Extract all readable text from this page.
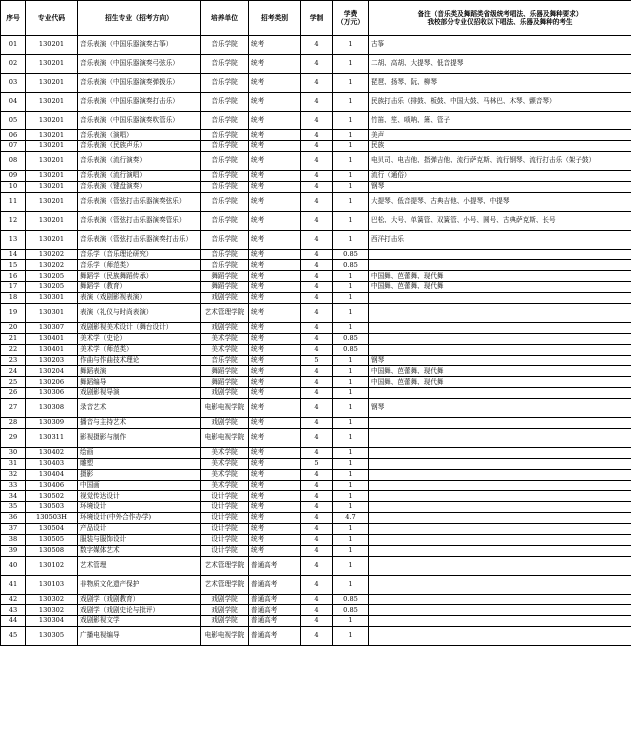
序号	专业代码	招生专业（招考方向）	培养单位	招考类别	学制	学费
（万元）	备注（音乐类及舞蹈类省级统考唱法、乐器及舞种要求）
我校部分专业仅招收以下唱法、乐器及舞种的考生
01	130201	音乐表演（中国乐器演奏古筝）	音乐学院	统考	4	1	古筝
02	130201	音乐表演（中国乐器演奏弓弦乐）	音乐学院	统考	4	1	二胡、高胡、大提琴、低音提琴
03	130201	音乐表演（中国乐器演奏弹拨乐）	音乐学院	统考	4	1	琵琶、扬琴、阮、柳琴
04	130201	音乐表演（中国乐器演奏打击乐）	音乐学院	统考	4	1	民族打击乐（排鼓、板鼓、中国大鼓、马林巴、木琴、颤音琴）
05	130201	音乐表演（中国乐器演奏吹管乐）	音乐学院	统考	4	1	竹笛、笙、唢呐、箫、管子
06	130201	音乐表演（演唱）	音乐学院	统考	4	1	美声
07	130201	音乐表演（民族声乐）	音乐学院	统考	4	1	民族
08	130201	音乐表演（流行演奏）	音乐学院	统考	4	1	电贝司、电吉他、指弹吉他、流行萨克斯、流行钢琴、流行打击乐（架子鼓）
09	130201	音乐表演（流行演唱）	音乐学院	统考	4	1	流行（通俗）
10	130201	音乐表演（键盘演奏）	音乐学院	统考	4	1	钢琴
11	130201	音乐表演（管弦打击乐器演奏弦乐）	音乐学院	统考	4	1	大提琴、低音提琴、古典吉他、小提琴、中提琴
12	130201	音乐表演（管弦打击乐器演奏管乐）	音乐学院	统考	4	1	巴松、大号、单簧管、双簧管、小号、圆号、古典萨克斯、长号
13	130201	音乐表演（管弦打击乐器演奏打击乐）	音乐学院	统考	4	1	西洋打击乐
14	130202	音乐学（音乐理论研究）	音乐学院	统考	4	0.85	
15	130202	音乐学（师范类）	音乐学院	统考	4	0.85	
16	130205	舞蹈学（民族舞蹈传承）	舞蹈学院	统考	4	1	中国舞、芭蕾舞、现代舞
17	130205	舞蹈学（教育）	舞蹈学院	统考	4	1	中国舞、芭蕾舞、现代舞
18	130301	表演（戏剧影视表演）	戏剧学院	统考	4	1	
19	130301	表演（礼仪与时尚表演）	艺术管理学院	统考	4	1	
20	130307	戏剧影视美术设计（舞台设计）	戏剧学院	统考	4	1	
21	130401	美术学（史论）	美术学院	统考	4	0.85	
22	130401	美术学（师范类）	美术学院	统考	4	0.85	
23	130203	作曲与作曲技术理论	音乐学院	统考	5	1	钢琴
24	130204	舞蹈表演	舞蹈学院	统考	4	1	中国舞、芭蕾舞、现代舞
25	130206	舞蹈编导	舞蹈学院	统考	4	1	中国舞、芭蕾舞、现代舞
26	130306	戏剧影视导演	戏剧学院	统考	4	1	
27	130308	录音艺术	电影电视学院	统考	4	1	钢琴
28	130309	播音与主持艺术	戏剧学院	统考	4	1	
29	130311	影视摄影与制作	电影电视学院	统考	4	1	
30	130402	绘画	美术学院	统考	4	1	
31	130403	雕塑	美术学院	统考	5	1	
32	130404	摄影	美术学院	统考	4	1	
33	130406	中国画	美术学院	统考	4	1	
34	130502	视觉传达设计	设计学院	统考	4	1	
35	130503	环境设计	设计学院	统考	4	1	
36	130503H	环境设计(中外合作办学)	设计学院	统考	4	4.7	
37	130504	产品设计	设计学院	统考	4	1	
38	130505	服装与服饰设计	设计学院	统考	4	1	
39	130508	数字媒体艺术	设计学院	统考	4	1	
40	130102	艺术管理	艺术管理学院	普通高考	4	1	
41	130103	非物质文化遗产保护	艺术管理学院	普通高考	4	1	
42	130302	戏剧学（戏剧教育）	戏剧学院	普通高考	4	0.85	
43	130302	戏剧学（戏剧史论与批评）	戏剧学院	普通高考	4	0.85	
44	130304	戏剧影视文学	戏剧学院	普通高考	4	1	
45	130305	广播电视编导	电影电视学院	普通高考	4	1	
